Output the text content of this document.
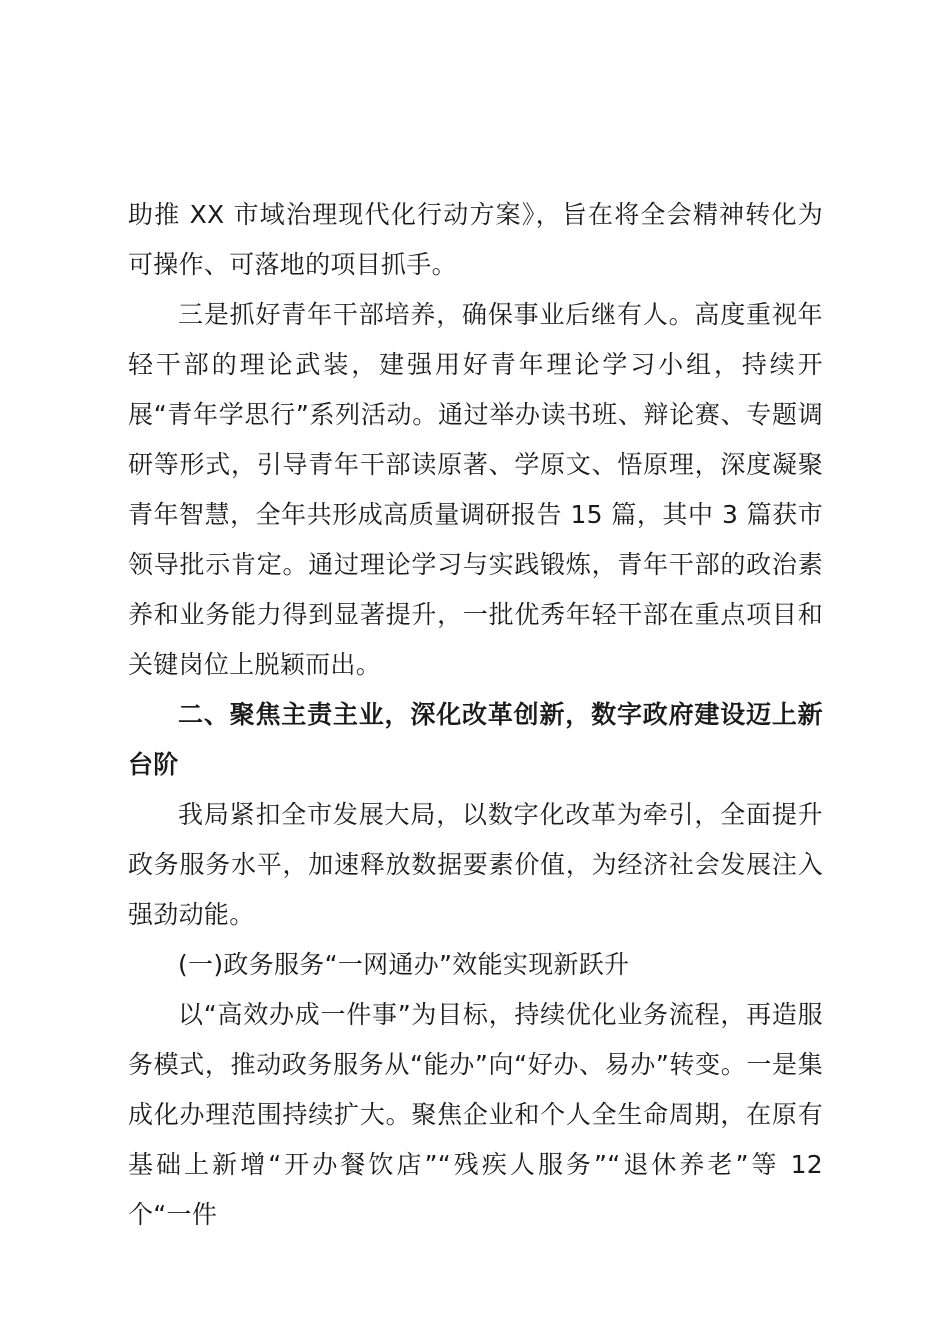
助推 XX 市域治理现代化行动方案》，旨在将全会精神转化为可操作、可落地的项目抓手。

三是抓好青年干部培养，确保事业后继有人。高度重视年轻干部的理论武装，建强用好青年理论学习小组，持续开展“青年学思行”系列活动。通过举办读书班、辩论赛、专题调研等形式，引导青年干部读原著、学原文、悟原理，深度凝聚青年智慧，全年共形成高质量调研报告 15 篇，其中 3 篇获市领导批示肯定。通过理论学习与实践锻炼，青年干部的政治素养和业务能力得到显著提升，一批优秀年轻干部在重点项目和关键岗位上脱颖而出。

二、聚焦主责主业，深化改革创新，数字政府建设迈上新台阶

我局紧扣全市发展大局，以数字化改革为牵引，全面提升政务服务水平，加速释放数据要素价值，为经济社会发展注入强劲动能。

(一)政务服务“一网通办”效能实现新跃升

以“高效办成一件事”为目标，持续优化业务流程，再造服务模式，推动政务服务从“能办”向“好办、易办”转变。一是集成化办理范围持续扩大。聚焦企业和个人全生命周期，在原有基础上新增“开办餐饮店”“残疾人服务”“退休养老”等 12 个“一件
